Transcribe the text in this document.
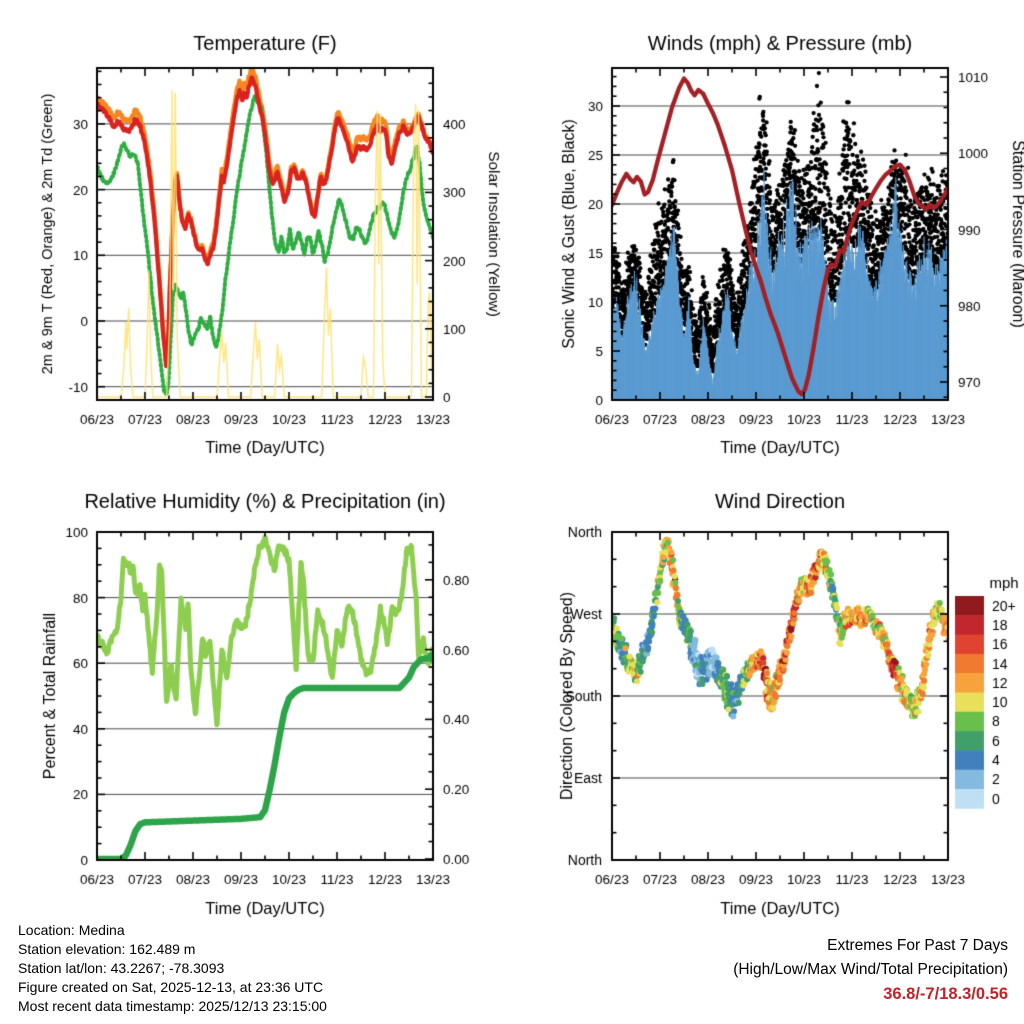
Location: Medina
Station elevation: 162.489 m
Station lat/lon: 43.2267; -78.3093
Figure created on Sat, 2025-12-13, at 23:36 UTC
Most recent data timestamp: 2025/12/13 23:15:00
Extremes For Past 7 Days
(High/Low/Max Wind/Total Precipitation)
36.8/-7/18.3/0.56
